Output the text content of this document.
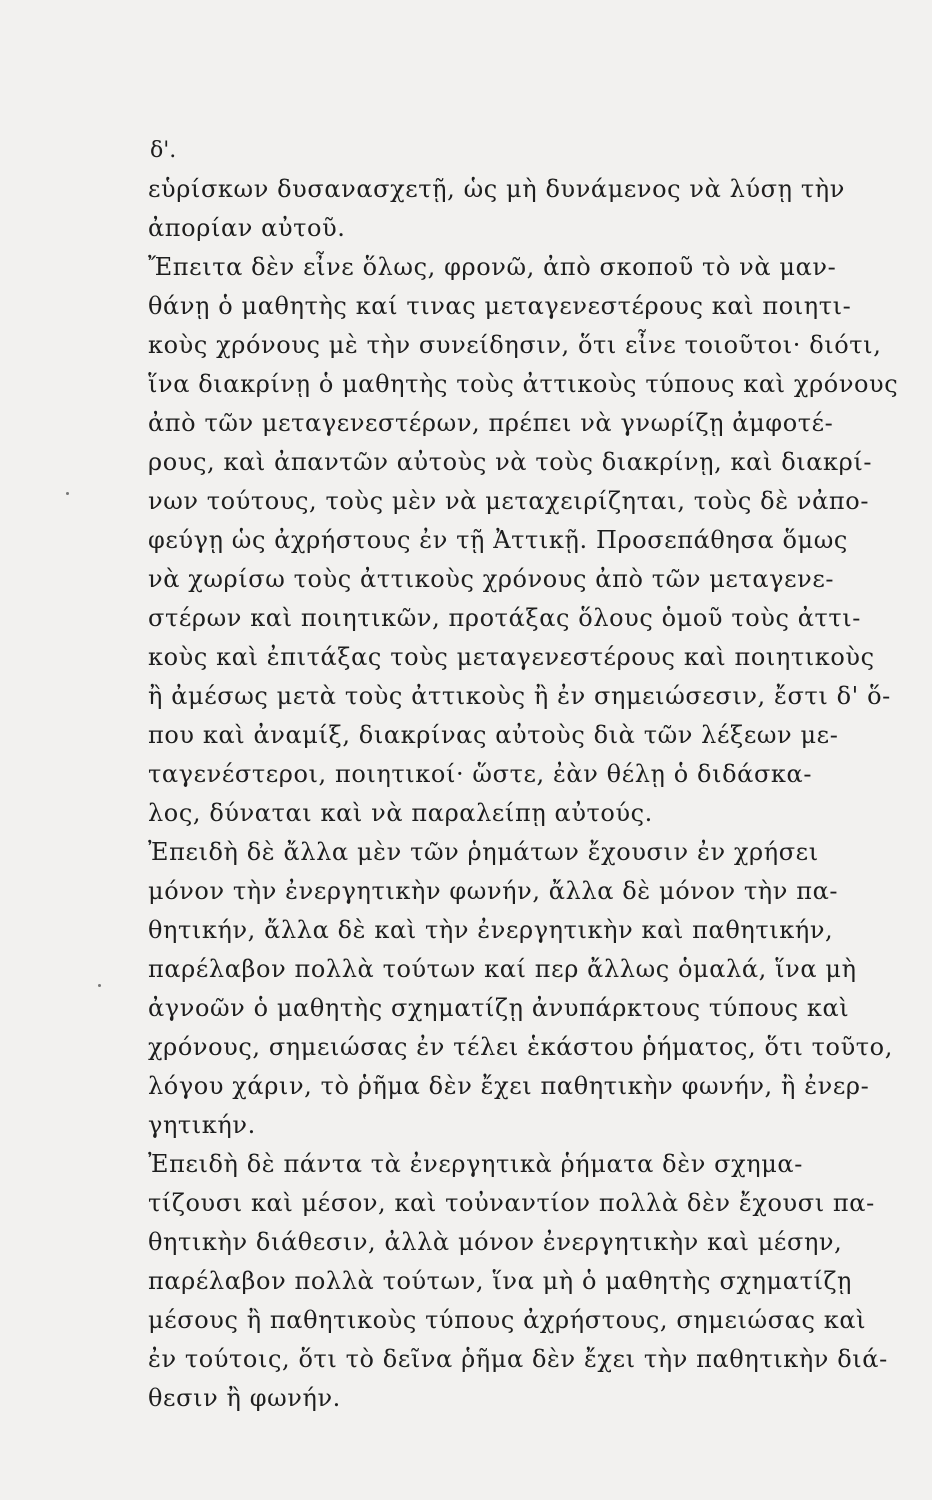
δ'.
εὑρίσκων δυσανασχετῇ, ὡς μὴ δυνάμενος νὰ λύσῃ τὴν
ἀπορίαν αὐτοῦ.
Ἔπειτα δὲν εἶνε ὅλως, φρονῶ, ἀπὸ σκοποῦ τὸ νὰ μαν-
θάνῃ ὁ μαθητὴς καί τινας μεταγενεστέρους καὶ ποιητι-
κοὺς χρόνους μὲ τὴν συνείδησιν, ὅτι εἶνε τοιοῦτοι· διότι,
ἵνα διακρίνῃ ὁ μαθητὴς τοὺς ἀττικοὺς τύπους καὶ χρόνους
ἀπὸ τῶν μεταγενεστέρων, πρέπει νὰ γνωρίζῃ ἀμφοτέ-
ρους, καὶ ἀπαντῶν αὐτοὺς νὰ τοὺς διακρίνῃ, καὶ διακρί-
νων τούτους, τοὺς μὲν νὰ μεταχειρίζηται, τοὺς δὲ νἀπο-
φεύγῃ ὡς ἀχρήστους ἐν τῇ Ἀττικῇ. Προσεπάθησα ὅμως
νὰ χωρίσω τοὺς ἀττικοὺς χρόνους ἀπὸ τῶν μεταγενε-
στέρων καὶ ποιητικῶν, προτάξας ὅλους ὁμοῦ τοὺς ἀττι-
κοὺς καὶ ἐπιτάξας τοὺς μεταγενεστέρους καὶ ποιητικοὺς
ἢ ἀμέσως μετὰ τοὺς ἀττικοὺς ἢ ἐν σημειώσεσιν, ἔστι δ' ὅ-
που καὶ ἀναμίξ, διακρίνας αὐτοὺς διὰ τῶν λέξεων με-
ταγενέστεροι, ποιητικοί· ὥστε, ἐὰν θέλῃ ὁ διδάσκα-
λος, δύναται καὶ νὰ παραλείπῃ αὐτούς.
Ἐπειδὴ δὲ ἄλλα μὲν τῶν ῥημάτων ἔχουσιν ἐν χρήσει
μόνον τὴν ἐνεργητικὴν φωνήν, ἄλλα δὲ μόνον τὴν πα-
θητικήν, ἄλλα δὲ καὶ τὴν ἐνεργητικὴν καὶ παθητικήν,
παρέλαβον πολλὰ τούτων καί περ ἄλλως ὁμαλά, ἵνα μὴ
ἀγνοῶν ὁ μαθητὴς σχηματίζῃ ἀνυπάρκτους τύπους καὶ
χρόνους, σημειώσας ἐν τέλει ἑκάστου ῥήματος, ὅτι τοῦτο,
λόγου χάριν, τὸ ῥῆμα δὲν ἔχει παθητικὴν φωνήν, ἢ ἐνερ-
γητικήν.
Ἐπειδὴ δὲ πάντα τὰ ἐνεργητικὰ ῥήματα δὲν σχημα-
τίζουσι καὶ μέσον, καὶ τοὐναντίον πολλὰ δὲν ἔχουσι πα-
θητικὴν διάθεσιν, ἀλλὰ μόνον ἐνεργητικὴν καὶ μέσην,
παρέλαβον πολλὰ τούτων, ἵνα μὴ ὁ μαθητὴς σχηματίζῃ
μέσους ἢ παθητικοὺς τύπους ἀχρήστους, σημειώσας καὶ
ἐν τούτοις, ὅτι τὸ δεῖνα ῥῆμα δὲν ἔχει τὴν παθητικὴν διά-
θεσιν ἢ φωνήν.
